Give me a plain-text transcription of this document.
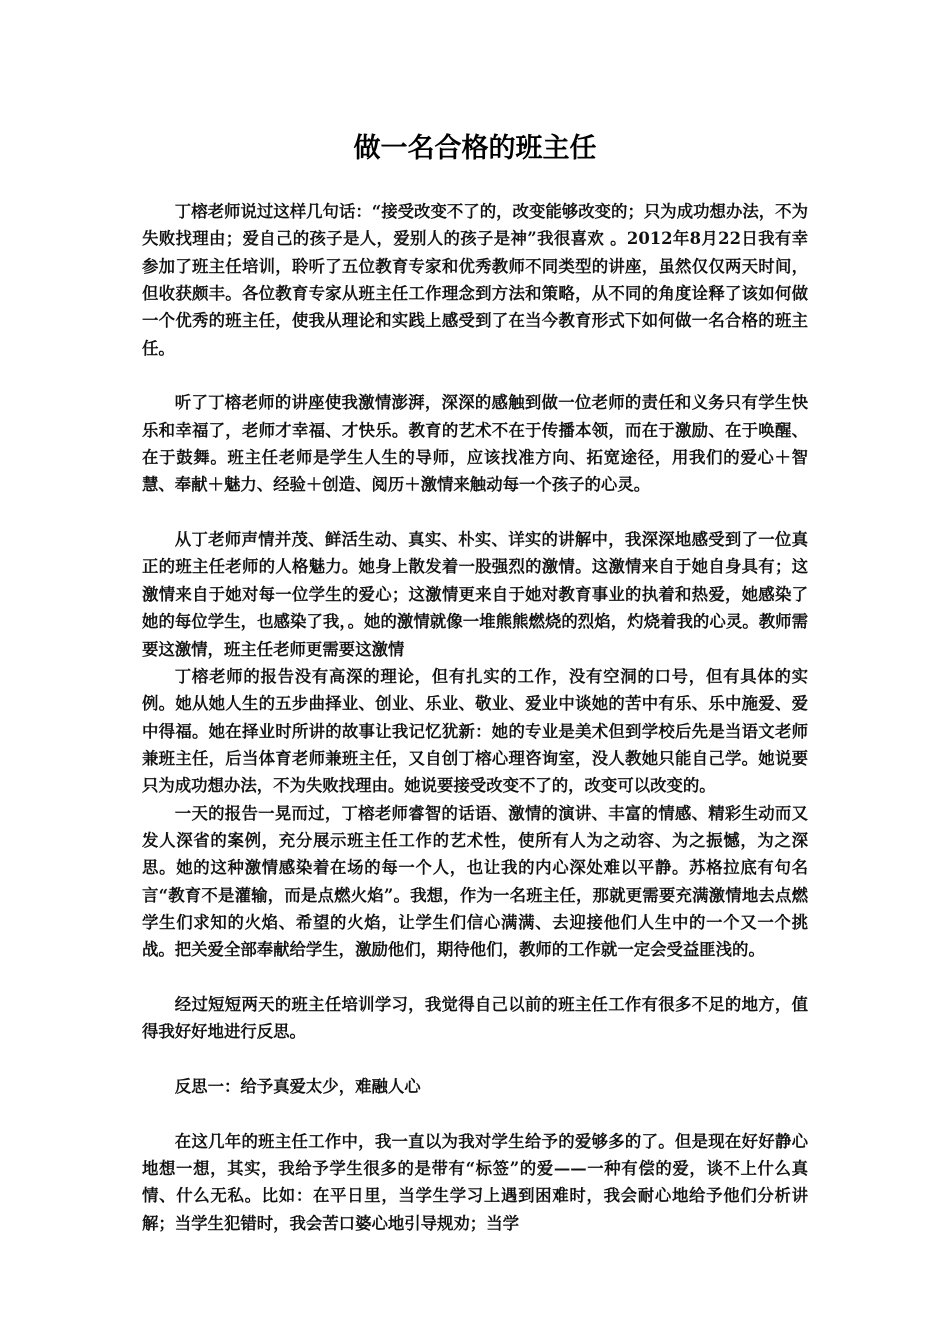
做一名合格的班主任

丁榕老师说过这样几句话：“接受改变不了的，改变能够改变的；只为成功想办法，不为失败找理由；爱自己的孩子是人，爱别人的孩子是神”我很喜欢 。2012年8月22日我有幸参加了班主任培训，聆听了五位教育专家和优秀教师不同类型的讲座，虽然仅仅两天时间，但收获颇丰。各位教育专家从班主任工作理念到方法和策略，从不同的角度诠释了该如何做一个优秀的班主任，使我从理论和实践上感受到了在当今教育形式下如何做一名合格的班主任。

听了丁榕老师的讲座使我激情澎湃，深深的感触到做一位老师的责任和义务只有学生快乐和幸福了，老师才幸福、才快乐。教育的艺术不在于传播本领，而在于激励、在于唤醒、在于鼓舞。班主任老师是学生人生的导师，应该找准方向、拓宽途径，用我们的爱心＋智慧、奉献＋魅力、经验＋创造、阅历＋激情来触动每一个孩子的心灵。

从丁老师声情并茂、鲜活生动、真实、朴实、详实的讲解中，我深深地感受到了一位真正的班主任老师的人格魅力。她身上散发着一股强烈的激情。这激情来自于她自身具有；这激情来自于她对每一位学生的爱心；这激情更来自于她对教育事业的执着和热爱，她感染了她的每位学生，也感染了我，。她的激情就像一堆熊熊燃烧的烈焰，灼烧着我的心灵。教师需要这激情，班主任老师更需要这激情

丁榕老师的报告没有高深的理论，但有扎实的工作，没有空洞的口号，但有具体的实例。她从她人生的五步曲择业、创业、乐业、敬业、爱业中谈她的苦中有乐、乐中施爱、爱中得福。她在择业时所讲的故事让我记忆犹新：她的专业是美术但到学校后先是当语文老师兼班主任，后当体育老师兼班主任，又自创丁榕心理咨询室，没人教她只能自己学。她说要只为成功想办法，不为失败找理由。她说要接受改变不了的，改变可以改变的。

一天的报告一晃而过，丁榕老师睿智的话语、激情的演讲、丰富的情感、精彩生动而又发人深省的案例，充分展示班主任工作的艺术性，使所有人为之动容、为之振憾，为之深思。她的这种激情感染着在场的每一个人，也让我的内心深处难以平静。苏格拉底有句名言“教育不是灌输，而是点燃火焰”。我想，作为一名班主任，那就更需要充满激情地去点燃学生们求知的火焰、希望的火焰，让学生们信心满满、去迎接他们人生中的一个又一个挑战。把关爱全部奉献给学生，激励他们，期待他们，教师的工作就一定会受益匪浅的。

经过短短两天的班主任培训学习，我觉得自己以前的班主任工作有很多不足的地方，值得我好好地进行反思。

反思一：给予真爱太少，难融人心

在这几年的班主任工作中，我一直以为我对学生给予的爱够多的了。但是现在好好静心地想一想，其实，我给予学生很多的是带有“标签”的爱——一种有偿的爱，谈不上什么真情、什么无私。比如：在平日里，当学生学习上遇到困难时，我会耐心地给予他们分析讲解；当学生犯错时，我会苦口婆心地引导规劝；当学
